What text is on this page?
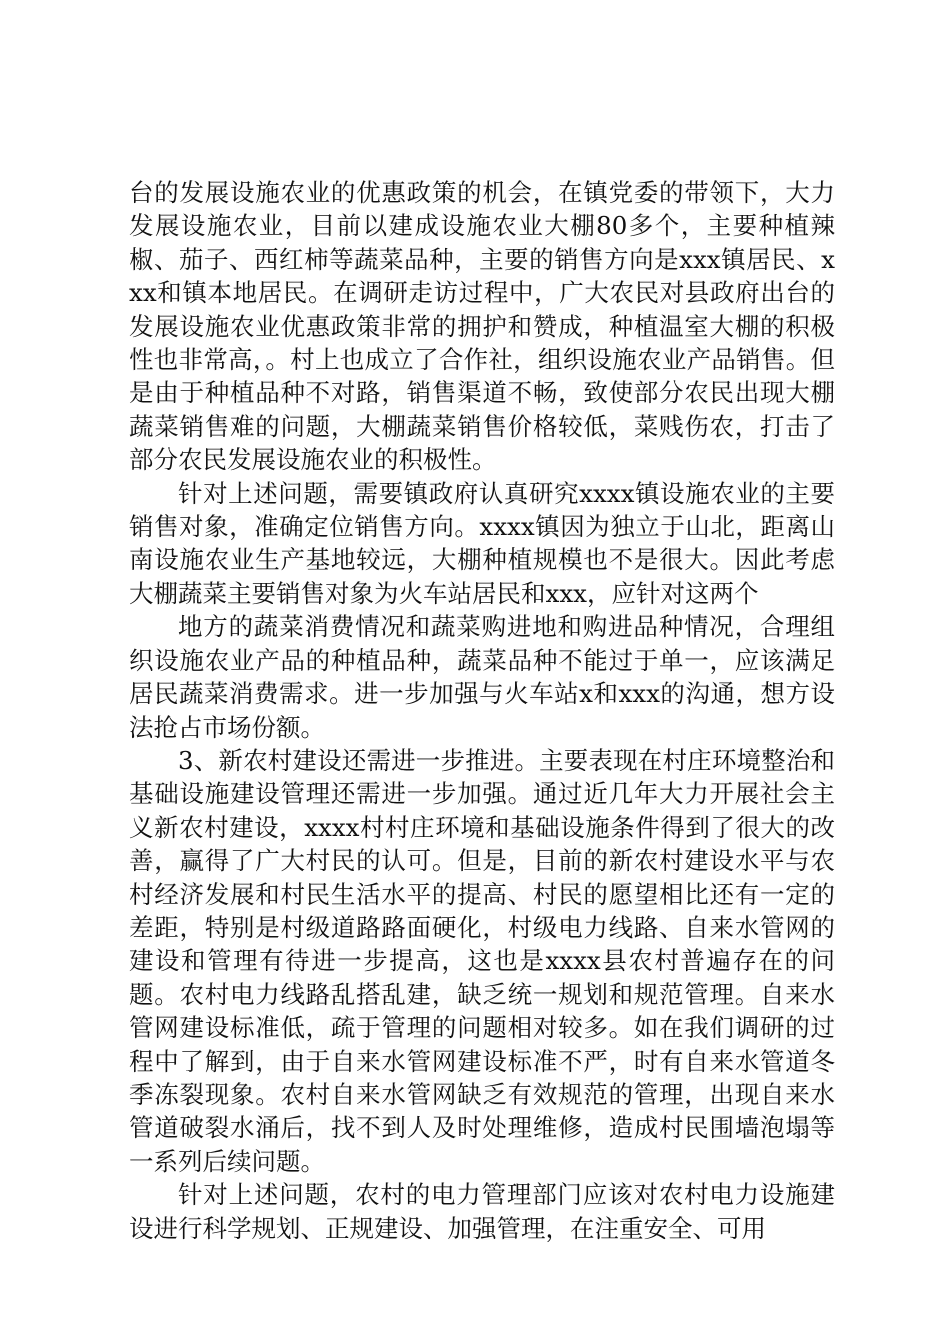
台的发展设施农业的优惠政策的机会，在镇党委的带领下，大力发展设施农业，目前以建成设施农业大棚80多个，主要种植辣椒、茄子、西红柿等蔬菜品种，主要的销售方向是xxx镇居民、xxx和镇本地居民。在调研走访过程中，广大农民对县政府出台的发展设施农业优惠政策非常的拥护和赞成，种植温室大棚的积极性也非常高，。村上也成立了合作社，组织设施农业产品销售。但是由于种植品种不对路，销售渠道不畅，致使部分农民出现大棚蔬菜销售难的问题，大棚蔬菜销售价格较低，菜贱伤农，打击了部分农民发展设施农业的积极性。

针对上述问题，需要镇政府认真研究xxxx镇设施农业的主要销售对象，准确定位销售方向。xxxx镇因为独立于山北，距离山南设施农业生产基地较远，大棚种植规模也不是很大。因此考虑大棚蔬菜主要销售对象为火车站居民和xxx，应针对这两个

地方的蔬菜消费情况和蔬菜购进地和购进品种情况，合理组织设施农业产品的种植品种，蔬菜品种不能过于单一，应该满足居民蔬菜消费需求。进一步加强与火车站x和xxx的沟通，想方设法抢占市场份额。

3、新农村建设还需进一步推进。主要表现在村庄环境整治和基础设施建设管理还需进一步加强。通过近几年大力开展社会主义新农村建设，xxxx村村庄环境和基础设施条件得到了很大的改善，赢得了广大村民的认可。但是，目前的新农村建设水平与农村经济发展和村民生活水平的提高、村民的愿望相比还有一定的差距，特别是村级道路路面硬化，村级电力线路、自来水管网的建设和管理有待进一步提高，这也是xxxx县农村普遍存在的问题。农村电力线路乱搭乱建，缺乏统一规划和规范管理。自来水管网建设标准低，疏于管理的问题相对较多。如在我们调研的过程中了解到，由于自来水管网建设标准不严，时有自来水管道冬季冻裂现象。农村自来水管网缺乏有效规范的管理，出现自来水管道破裂水涌后，找不到人及时处理维修，造成村民围墙泡塌等一系列后续问题。

针对上述问题，农村的电力管理部门应该对农村电力设施建设进行科学规划、正规建设、加强管理，在注重安全、可用
